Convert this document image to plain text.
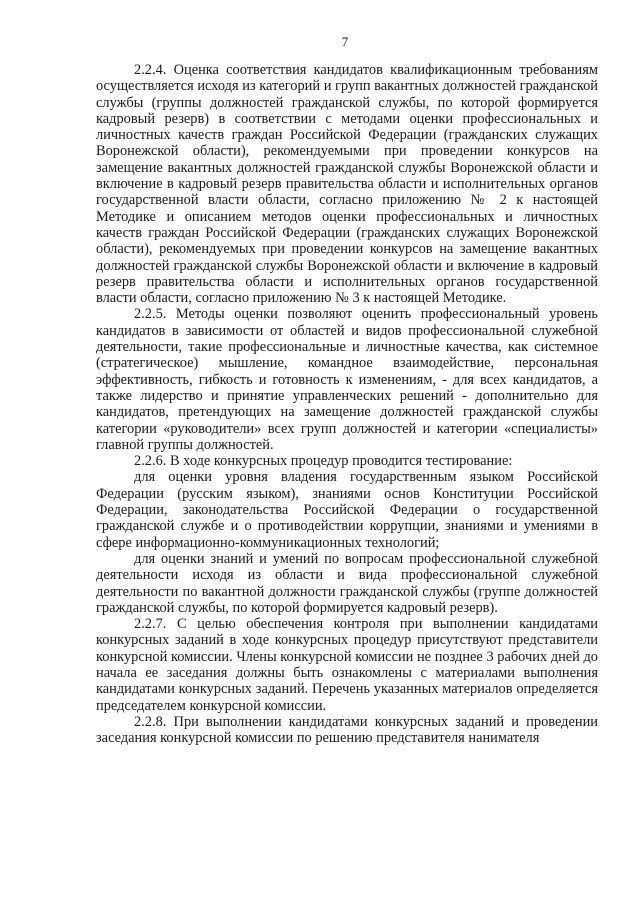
7

2.2.4. Оценка соответствия кандидатов квалификационным требованиям осуществляется исходя из категорий и групп вакантных должностей гражданской службы (группы должностей гражданской службы, по которой формируется кадровый резерв) в соответствии с методами оценки профессиональных и личностных качеств граждан Российской Федерации (гражданских служащих Воронежской области), рекомендуемыми при проведении конкурсов на замещение вакантных должностей гражданской службы Воронежской области и включение в кадровый резерв правительства области и исполнительных органов государственной власти области, согласно приложению № 2 к настоящей Методике и описанием методов оценки профессиональных и личностных качеств граждан Российской Федерации (гражданских служащих Воронежской области), рекомендуемых при проведении конкурсов на замещение вакантных должностей гражданской службы Воронежской области и включение в кадровый резерв правительства области и исполнительных органов государственной власти области, согласно приложению № 3 к настоящей Методике.

2.2.5. Методы оценки позволяют оценить профессиональный уровень кандидатов в зависимости от областей и видов профессиональной служебной деятельности, такие профессиональные и личностные качества, как системное (стратегическое) мышление, командное взаимодействие, персональная эффективность, гибкость и готовность к изменениям, - для всех кандидатов, а также лидерство и принятие управленческих решений - дополнительно для кандидатов, претендующих на замещение должностей гражданской службы категории «руководители» всех групп должностей и категории «специалисты» главной группы должностей.

2.2.6. В ходе конкурсных процедур проводится тестирование:

для оценки уровня владения государственным языком Российской Федерации (русским языком), знаниями основ Конституции Российской Федерации, законодательства Российской Федерации о государственной гражданской службе и о противодействии коррупции, знаниями и умениями в сфере информационно-коммуникационных технологий;

для оценки знаний и умений по вопросам профессиональной служебной деятельности исходя из области и вида профессиональной служебной деятельности по вакантной должности гражданской службы (группе должностей гражданской службы, по которой формируется кадровый резерв).

2.2.7. С целью обеспечения контроля при выполнении кандидатами конкурсных заданий в ходе конкурсных процедур присутствуют представители конкурсной комиссии. Члены конкурсной комиссии не позднее 3 рабочих дней до начала ее заседания должны быть ознакомлены с материалами выполнения кандидатами конкурсных заданий. Перечень указанных материалов определяется председателем конкурсной комиссии.

2.2.8. При выполнении кандидатами конкурсных заданий и проведении заседания конкурсной комиссии по решению представителя нанимателя
